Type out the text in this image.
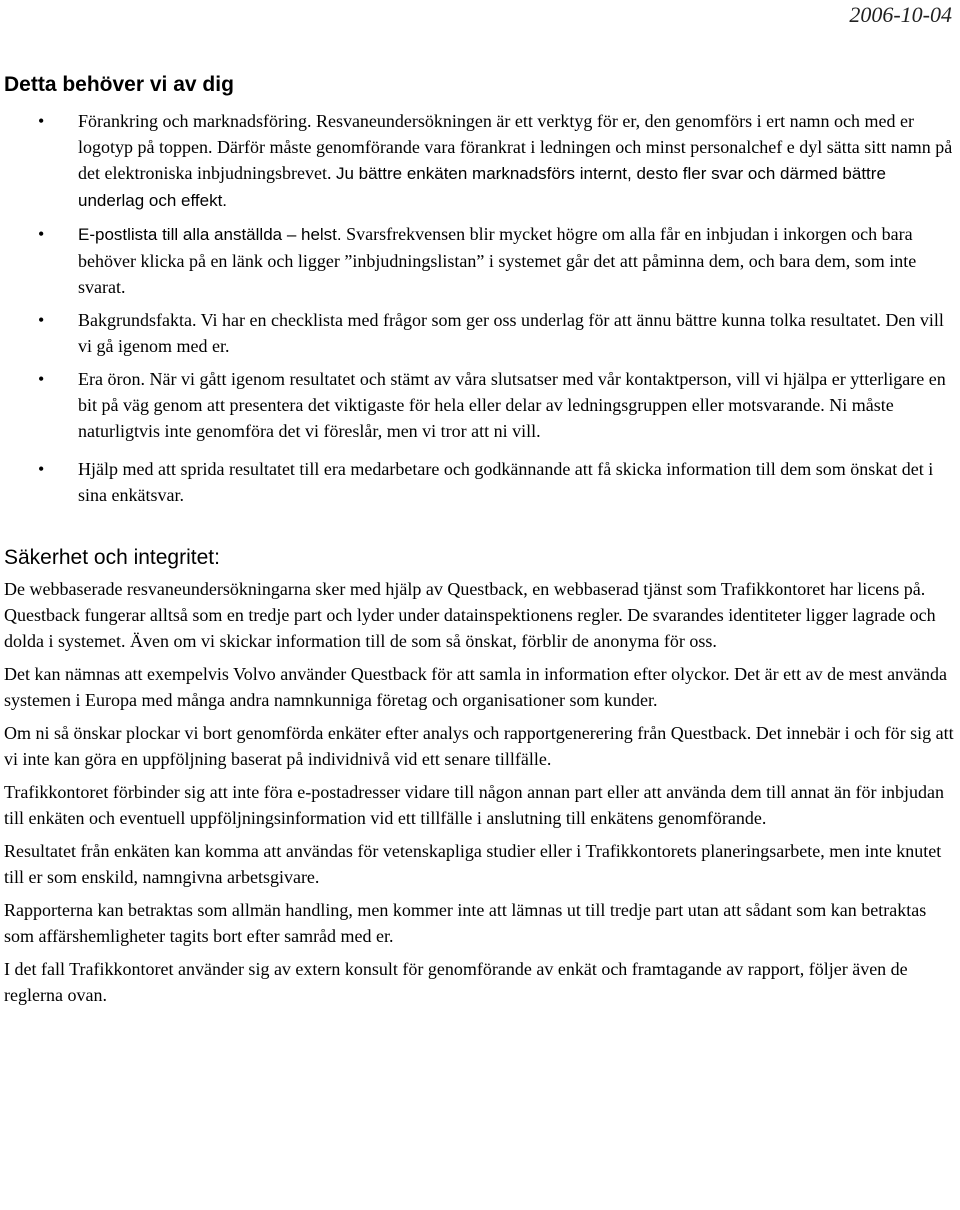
2006-10-04
Detta behöver vi av dig
• Förankring och marknadsföring. Resvaneundersökningen är ett verktyg för er, den genomförs i ert namn och med er logotyp på toppen. Därför måste genomförande vara förankrat i ledningen och minst personalchef e dyl sätta sitt namn på det elektroniska inbjudningsbrevet. Ju bättre enkäten marknadsförs internt, desto fler svar och därmed bättre underlag och effekt.
• E-postlista till alla anställda – helst. Svarsfrekvensen blir mycket högre om alla får en inbjudan i inkorgen och bara behöver klicka på en länk och ligger ”inbjudningslistan” i systemet går det att påminna dem, och bara dem, som inte svarat.
• Bakgrundsfakta. Vi har en checklista med frågor som ger oss underlag för att ännu bättre kunna tolka resultatet. Den vill vi gå igenom med er.
• Era öron. När vi gått igenom resultatet och stämt av våra slutsatser med vår kontaktperson, vill vi hjälpa er ytterligare en bit på väg genom att presentera det viktigaste för hela eller delar av ledningsgruppen eller motsvarande. Ni måste naturligtvis inte genomföra det vi föreslår, men vi tror att ni vill.
• Hjälp med att sprida resultatet till era medarbetare och godkännande att få skicka information till dem som önskat det i sina enkätsvar.
Säkerhet och integritet:

De webbaserade resvaneundersökningarna sker med hjälp av Questback, en webbaserad tjänst som Trafikkontoret har licens på. Questback fungerar alltså som en tredje part och lyder under datainspektionens regler. De svarandes identiteter ligger lagrade och dolda i systemet. Även om vi skickar information till de som så önskat, förblir de anonyma för oss.

Det kan nämnas att exempelvis Volvo använder Questback för att samla in information efter olyckor. Det är ett av de mest använda systemen i Europa med många andra namnkunniga företag och organisationer som kunder.

Om ni så önskar plockar vi bort genomförda enkäter efter analys och rapportgenerering från Questback. Det innebär i och för sig att vi inte kan göra en uppföljning baserat på individnivå vid ett senare tillfälle.

Trafikkontoret förbinder sig att inte föra e-postadresser vidare till någon annan part eller att använda dem till annat än för inbjudan till enkäten och eventuell uppföljningsinformation vid ett tillfälle i anslutning till enkätens genomförande.

Resultatet från enkäten kan komma att användas för vetenskapliga studier eller i Trafikkontorets planeringsarbete, men inte knutet till er som enskild, namngivna arbetsgivare.

Rapporterna kan betraktas som allmän handling, men kommer inte att lämnas ut till tredje part utan att sådant som kan betraktas som affärshemligheter tagits bort efter samråd med er.

I det fall Trafikkontoret använder sig av extern konsult för genomförande av enkät och framtagande av rapport, följer även de reglerna ovan.
